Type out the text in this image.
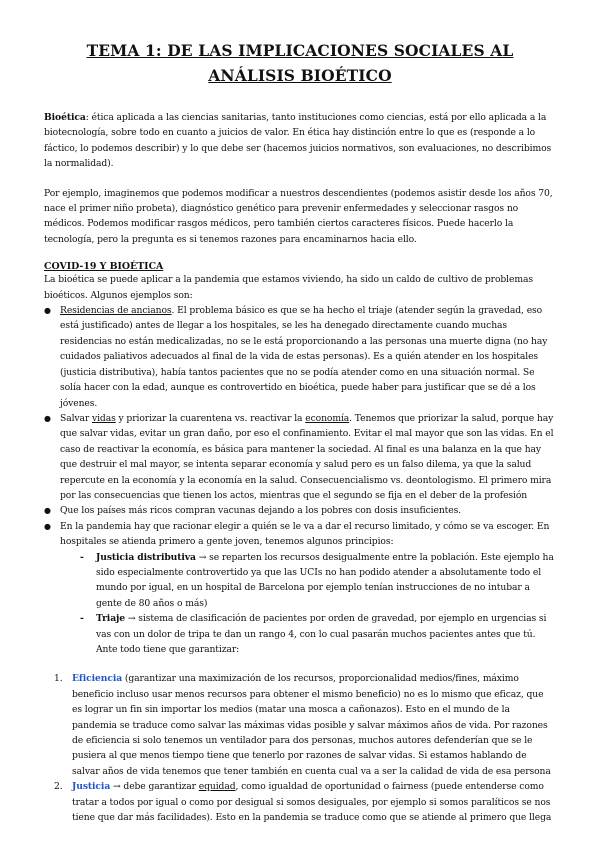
TEMA 1: DE LAS IMPLICACIONES SOCIALES AL ANÁLISIS BIOÉTICO

Bioética: ética aplicada a las ciencias sanitarias, tanto instituciones como ciencias, está por ello aplicada a la biotecnología, sobre todo en cuanto a juicios de valor. En ética hay distinción entre lo que es (responde a lo fáctico, lo podemos describir) y lo que debe ser (hacemos juicios normativos, son evaluaciones, no describimos la normalidad).

Por ejemplo, imaginemos que podemos modificar a nuestros descendientes (podemos asistir desde los años 70, nace el primer niño probeta), diagnóstico genético para prevenir enfermedades y seleccionar rasgos no médicos. Podemos modificar rasgos médicos, pero también ciertos caracteres físicos. Puede hacerlo la tecnología, pero la pregunta es si tenemos razones para encaminarnos hacia ello.

COVID-19 Y BIOÉTICA

La bioética se puede aplicar a la pandemia que estamos viviendo, ha sido un caldo de cultivo de problemas bioéticos. Algunos ejemplos son:

● Residencias de ancianos. El problema básico es que se ha hecho el triaje (atender según la gravedad, eso está justificado) antes de llegar a los hospitales, se les ha denegado directamente cuando muchas residencias no están medicalizadas, no se le está proporcionando a las personas una muerte digna (no hay cuidados paliativos adecuados al final de la vida de estas personas). Es a quién atender en los hospitales (justicia distributiva), había tantos pacientes que no se podía atender como en una situación normal. Se solía hacer con la edad, aunque es controvertido en bioética, puede haber para justificar que se dé a los jóvenes.
● Salvar vidas y priorizar la cuarentena vs. reactivar la economía. Tenemos que priorizar la salud, porque hay que salvar vidas, evitar un gran daño, por eso el confinamiento. Evitar el mal mayor que son las vidas. En el caso de reactivar la economía, es básica para mantener la sociedad. Al final es una balanza en la que hay que destruir el mal mayor, se intenta separar economía y salud pero es un falso dilema, ya que la salud repercute en la economía y la economía en la salud. Consecuencialismo vs. deontologismo. El primero mira por las consecuencias que tienen los actos, mientras que el segundo se fija en el deber de la profesión
● Que los países más ricos compran vacunas dejando a los pobres con dosis insuficientes.
● En la pandemia hay que racionar elegir a quién se le va a dar el recurso limitado, y cómo se va escoger. En hospitales se atienda primero a gente joven, tenemos algunos principios:
- Justicia distributiva → se reparten los recursos desigualmente entre la población. Este ejemplo ha sido especialmente controvertido ya que las UCIs no han podido atender a absolutamente todo el mundo por igual, en un hospital de Barcelona por ejemplo tenían instrucciones de no intubar a gente de 80 años o más)
- Triaje → sistema de clasificación de pacientes por orden de gravedad, por ejemplo en urgencias si vas con un dolor de tripa te dan un rango 4, con lo cual pasarán muchos pacientes antes que tú. Ante todo tiene que garantizar:
1. Eficiencia (garantizar una maximización de los recursos, proporcionalidad medios/fines, máximo beneficio incluso usar menos recursos para obtener el mismo beneficio) no es lo mismo que eficaz, que es lograr un fin sin importar los medios (matar una mosca a cañonazos). Esto en el mundo de la pandemia se traduce como salvar las máximas vidas posible y salvar máximos años de vida. Por razones de eficiencia si solo tenemos un ventilador para dos personas, muchos autores defenderían que se le pusiera al que menos tiempo tiene que tenerlo por razones de salvar vidas. Si estamos hablando de salvar años de vida tenemos que tener también en cuenta cual va a ser la calidad de vida de esa persona
2. Justicia → debe garantizar equidad, como igualdad de oportunidad o fairness (puede entenderse como tratar a todos por igual o como por desigual si somos desiguales, por ejemplo si somos paralíticos se nos tiene que dar más facilidades). Esto en la pandemia se traduce como que se atiende al primero que llega
